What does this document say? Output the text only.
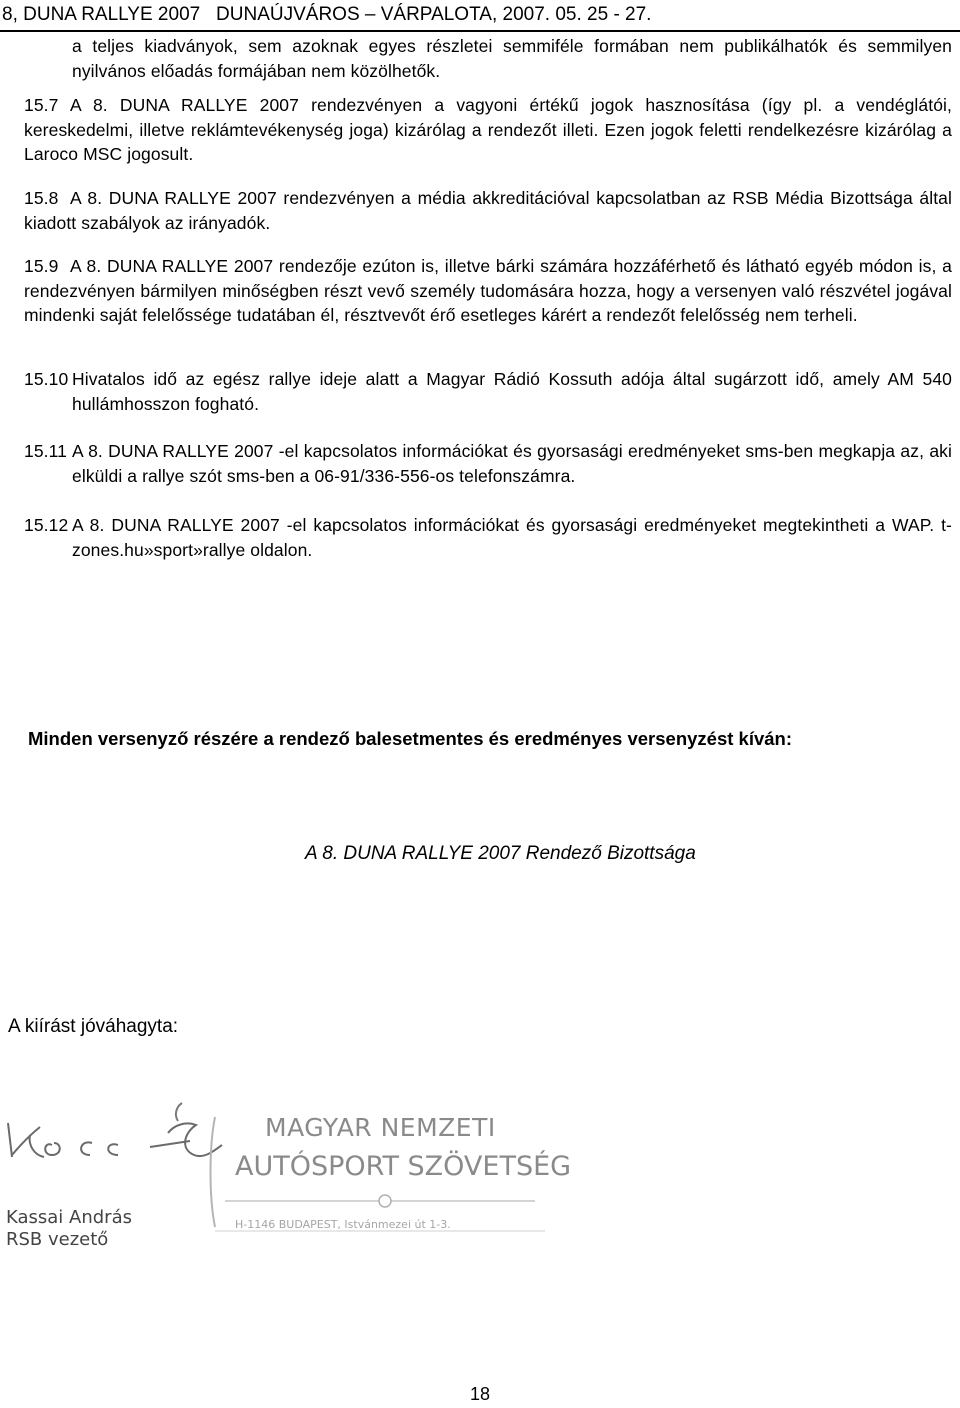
8, DUNA RALLYE 2007   DUNAÚJVÁROS – VÁRPALOTA, 2007. 05. 25 - 27.
a teljes kiadványok, sem azoknak egyes részletei semmiféle formában nem publikálhatók és semmilyen nyilvános előadás formájában nem közölhetők.
15.7 A 8. DUNA RALLYE 2007 rendezvényen a vagyoni értékű jogok hasznosítása (így pl. a vendéglátói, kereskedelmi, illetve reklámtevékenység joga) kizárólag a rendezőt illeti. Ezen jogok feletti rendelkezésre kizárólag a Laroco MSC jogosult.
15.8 A 8. DUNA RALLYE 2007 rendezvényen a média akkreditációval kapcsolatban az RSB Média Bizottsága által kiadott szabályok az irányadók.
15.9 A 8. DUNA RALLYE 2007 rendezője ezúton is, illetve bárki számára hozzáférhető és látható egyéb módon is, a rendezvényen bármilyen minőségben részt vevő személy tudomására hozza, hogy a versenyen való részvétel jogával mindenki saját felelőssége tudatában él, résztvevőt érő esetleges kárért a rendezőt felelősség nem terheli.
15.10 Hivatalos idő az egész rallye ideje alatt a Magyar Rádió Kossuth adója által sugárzott idő, amely AM 540 hullámhosszon fogható.
15.11 A 8. DUNA RALLYE 2007 -el kapcsolatos információkat és gyorsasági eredményeket sms-ben megkapja az, aki elküldi a rallye szót sms-ben a 06-91/336-556-os telefonszámra.
15.12 A 8. DUNA RALLYE 2007 -el kapcsolatos információkat és gyorsasági eredményeket megtekintheti a WAP. t-zones.hu»sport»rallye oldalon.
Minden versenyző részére a rendező balesetmentes és eredményes versenyzést kíván:
A 8. DUNA RALLYE 2007 Rendező Bizottsága
A kiírást jóváhagyta:
MAGYAR NEMZETI
AUTÓSPORT SZÖVETSÉG
H-1146 BUDAPEST, Istvánmezei út 1-3.
Kassai András
RSB vezető
18
